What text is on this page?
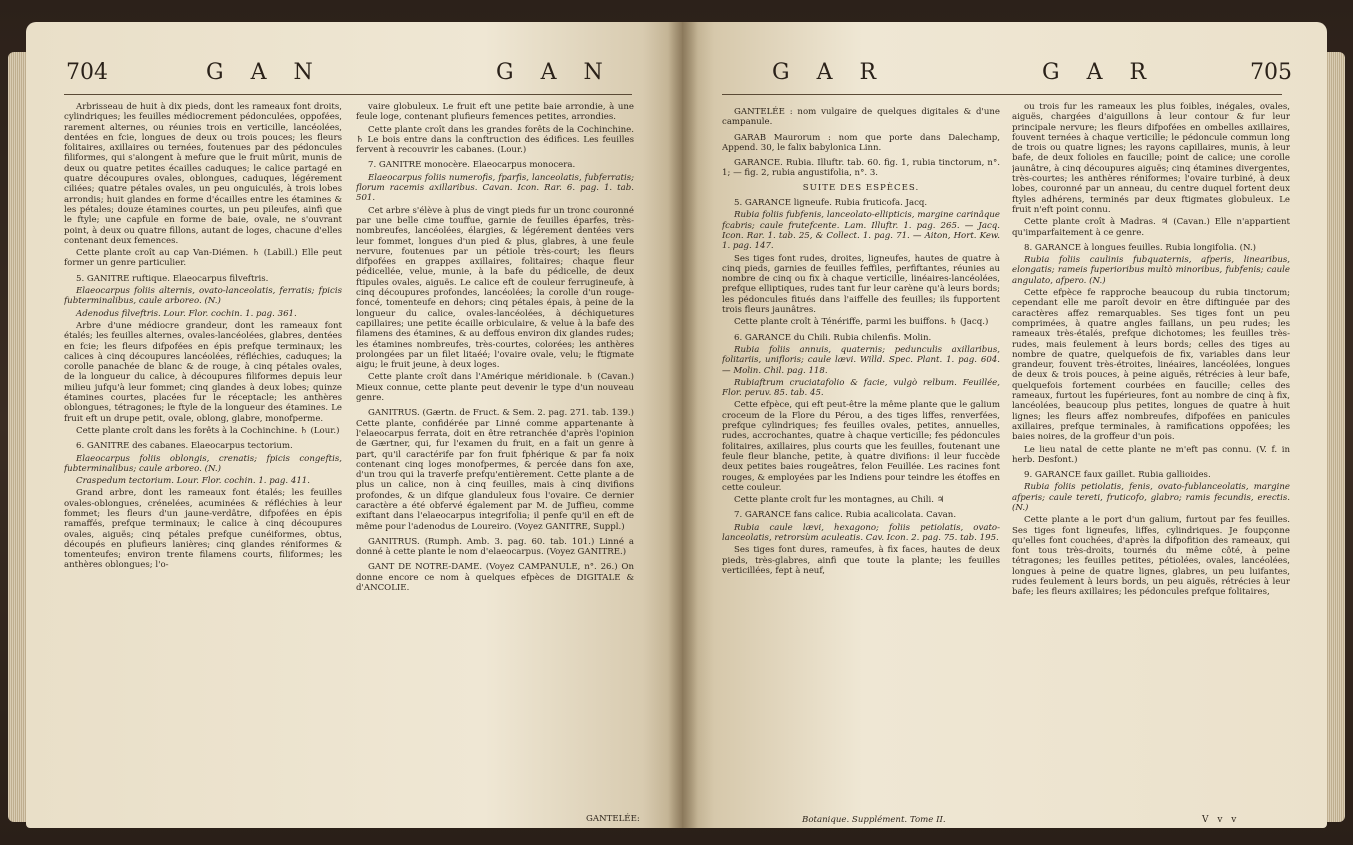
704	G A N	G A N

Arbrisseau de huit à dix pieds, dont les rameaux font droits, cylindriques; les feuilles médiocrement pédonculées, oppofées, rarement alternes, ou réunies trois en verticille, lancéolées, dentées en fcie, longues de deux ou trois pouces; les fleurs folitaires, axillaires ou ternées, foutenues par des pédoncules filiformes, qui s'alongent à mefure que le fruit mûrit, munis de deux ou quatre petites écailles caduques; le calice partagé en quatre découpures ovales, oblongues, caduques, légérement ciliées; quatre pétales ovales, un peu onguiculés, à trois lobes arrondis; huit glandes en forme d'écailles entre les étamines & les pétales; douze étamines courtes, un peu pileufes, ainfi que le ftyle; une capfule en forme de baie, ovale, ne s'ouvrant point, à deux ou quatre fillons, autant de loges, chacune d'elles contenant deux femences.

Cette plante croît au cap Van-Diémen. ♄ (Labill.) Elle peut former un genre particulier.

5. GANITRE ruftique. Elaeocarpus filveftris.

Elaeocarpus foliis alternis, ovato-lanceolatis, ferratis; fpicis fubterminalibus, caule arboreo. (N.)

Adenodus filveftris. Lour. Flor. cochin. 1. pag. 361.

Arbre d'une médiocre grandeur, dont les rameaux font étalés; les feuilles alternes, ovales-lancéolées, glabres, dentées en fcie; les fleurs difpofées en épis prefque terminaux; les calices à cinq découpures lancéolées, réfléchies, caduques; la corolle panachée de blanc & de rouge, à cinq pétales ovales, de la longueur du calice, à découpures filiformes depuis leur milieu jufqu'à leur fommet; cinq glandes à deux lobes; quinze étamines courtes, placées fur le réceptacle; les anthères oblongues, tétragones; le ftyle de la longueur des étamines. Le fruit eft un drupe petit, ovale, oblong, glabre, monofperme.

Cette plante croît dans les forêts à la Cochinchine. ♄ (Lour.)

6. GANITRE des cabanes. Elaeocarpus tectorium.

Elaeocarpus foliis oblongis, crenatis; fpicis congeftis, fubterminalibus; caule arboreo. (N.)

Craspedum tectorium. Lour. Flor. cochin. 1. pag. 411.

Grand arbre, dont les rameaux font étalés; les feuilles ovales-oblongues, crénelées, acuminées & réfléchies à leur fommet; les fleurs d'un jaune-verdâtre, difpofées en épis ramaffés, prefque terminaux; le calice à cinq découpures ovales, aiguës; cinq pétales prefque cunéiformes, obtus, découpés en plufieurs lanières; cinq glandes réniformes & tomenteufes; environ trente filamens courts, filiformes; les anthères oblongues; l'o-

vaire globuleux. Le fruit eft une petite baie arrondie, à une feule loge, contenant plufieurs femences petites, arrondies.

Cette plante croît dans les grandes forêts de la Cochinchine. ♄ Le bois entre dans la conftruction des édifices. Les feuilles fervent à recouvrir les cabanes. (Lour.)

7. GANITRE monocère. Elaeocarpus monocera.

Elaeocarpus foliis numerofis, fparfis, lanceolatis, fubferratis; florum racemis axillaribus. Cavan. Icon. Rar. 6. pag. 1. tab. 501.

Cet arbre s'élève à plus de vingt pieds fur un tronc couronné par une belle cime touffue, garnie de feuilles éparfes, très-nombreufes, lancéolées, élargies, & légérement dentées vers leur fommet, longues d'un pied & plus, glabres, à une feule nervure, foutenues par un pétiole très-court; les fleurs difpofées en grappes axillaires, folitaires; chaque fleur pédicellée, velue, munie, à la bafe du pédicelle, de deux ftipules ovales, aiguës. Le calice eft de couleur ferrugineufe, à cinq découpures profondes, lancéolées; la corolle d'un rouge-foncé, tomenteufe en dehors; cinq pétales épais, à peine de la longueur du calice, ovales-lancéolées, à déchiquetures capillaires; une petite écaille orbiculaire, & velue à la bafe des filamens des étamines, & au deffous environ dix glandes rudes; les étamines nombreufes, très-courtes, colorées; les anthères prolongées par un filet litaéé; l'ovaire ovale, velu; le ftigmate aigu; le fruit jeune, à deux loges.

Cette plante croît dans l'Amérique méridionale. ♄ (Cavan.) Mieux connue, cette plante peut devenir le type d'un nouveau genre.

GANITRUS. (Gærtn. de Fruct. & Sem. 2. pag. 271. tab. 139.) Cette plante, confidérée par Linné comme appartenante à l'elaeocarpus ferrata, doit en être retranchée d'après l'opinion de Gærtner, qui, fur l'examen du fruit, en a fait un genre à part, qu'il caractérife par fon fruit fphérique & par fa noix contenant cinq loges monofpermes, & percée dans fon axe, d'un trou qui la traverfe prefqu'entièrement. Cette plante a de plus un calice, non à cinq feuilles, mais à cinq divifions profondes, & un difque glanduleux fous l'ovaire. Ce dernier caractère a été obfervé également par M. de Juffieu, comme exiftant dans l'elaeocarpus integrifolia; il penfe qu'il en eft de même pour l'adenodus de Loureiro. (Voyez GANITRE, Suppl.)

GANITRUS. (Rumph. Amb. 3. pag. 60. tab. 101.) Linné a donné à cette plante le nom d'elaeocarpus. (Voyez GANITRE.)

GANT DE NOTRE-DAME. (Voyez CAMPANULE, n°. 26.) On donne encore ce nom à quelques efpèces de DIGITALE & d'ANCOLIE.

GANTELÉE:
G A R	G A R	705

GANTELÉE : nom vulgaire de quelques digitales & d'une campanule.

GARAB Maurorum : nom que porte dans Dalechamp, Append. 30, le falix babylonica Linn.

GARANCE. Rubia. Illuftr. tab. 60. fig. 1, rubia tinctorum, n°. 1; — fig. 2, rubia angustifolia, n°. 3.

SUITE DES ESPÈCES.

5. GARANCE ligneufe. Rubia fruticofa. Jacq.

Rubia foliis fubfenis, lanceolato-ellipticis, margine carinâque fcabris; caule frutefcente. Lam. Illuftr. 1. pag. 265. — Jacq. Icon. Rar. 1. tab. 25, & Collect. 1. pag. 71. — Aiton, Hort. Kew. 1. pag. 147.

Ses tiges font rudes, droites, ligneufes, hautes de quatre à cinq pieds, garnies de feuilles feffiles, perfiftantes, réunies au nombre de cinq ou fix à chaque verticille, linéaires-lancéolées, prefque elliptiques, rudes tant fur leur carène qu'à leurs bords; les pédoncules fitués dans l'aiffelle des feuilles; ils fupportent trois fleurs jaunâtres.

Cette plante croît à Ténériffe, parmi les buiffons. ♄ (Jacq.)

6. GARANCE du Chili. Rubia chilenfis. Molin.

Rubia foliis annuis, quaternis; pedunculis axillaribus, folitariis, unifloris; caule lævi. Willd. Spec. Plant. 1. pag. 604. — Molin. Chil. pag. 118.

Rubiaftrum cruciatafolio & facie, vulgò relbum. Feuillée, Flor. peruv. 85. tab. 45.

Cette efpèce, qui eft peut-être la même plante que le galium croceum de la Flore du Pérou, a des tiges liffes, renverfées, prefque cylindriques; fes feuilles ovales, petites, annuelles, rudes, accrochantes, quatre à chaque verticille; fes pédoncules folitaires, axillaires, plus courts que les feuilles, foutenant une feule fleur blanche, petite, à quatre divifions: il leur fuccède deux petites baies rougeâtres, felon Feuillée. Les racines font rouges, & employées par les Indiens pour teindre les étoffes en cette couleur.

Cette plante croît fur les montagnes, au Chili. ♃

7. GARANCE fans calice. Rubia acalicolata. Cavan.

Rubia caule lævi, hexagono; foliis petiolatis, ovato-lanceolatis, retrorsùm aculeatis. Cav. Icon. 2. pag. 75. tab. 195.

Ses tiges font dures, rameufes, à fix faces, hautes de deux pieds, très-glabres, ainfi que toute la plante; les feuilles verticillées, fept à neuf,

ou trois fur les rameaux les plus foibles, inégales, ovales, aiguës, chargées d'aiguillons à leur contour & fur leur principale nervure; les fleurs difpofées en ombelles axillaires, fouvent ternées à chaque verticille; le pédoncule commun long de trois ou quatre lignes; les rayons capillaires, munis, à leur bafe, de deux folioles en faucille; point de calice; une corolle jaunâtre, à cinq découpures aiguës; cinq étamines divergentes, très-courtes; les anthères réniformes; l'ovaire turbiné, à deux lobes, couronné par un anneau, du centre duquel fortent deux ftyles adhérens, terminés par deux ftigmates globuleux. Le fruit n'eft point connu.

Cette plante croît à Madras. ♃ (Cavan.) Elle n'appartient qu'imparfaitement à ce genre.

8. GARANCE à longues feuilles. Rubia longifolia. (N.)

Rubia foliis caulinis fubquaternis, afperis, linearibus, elongatis; rameis fuperioribus multò minoribus, fubfenis; caule angulato, afpero. (N.)

Cette efpèce fe rapproche beaucoup du rubia tinctorum; cependant elle me paroît devoir en être diftinguée par des caractères affez remarquables. Ses tiges font un peu comprimées, à quatre angles faillans, un peu rudes; les rameaux très-étalés, prefque dichotomes; les feuilles très-rudes, mais feulement à leurs bords; celles des tiges au nombre de quatre, quelquefois de fix, variables dans leur grandeur, fouvent très-étroites, linéaires, lancéolées, longues de deux & trois pouces, à peine aiguës, rétrécies à leur bafe, quelquefois fortement courbées en faucille; celles des rameaux, furtout les fupérieures, font au nombre de cinq à fix, lancéolées, beaucoup plus petites, longues de quatre à huit lignes; les fleurs affez nombreufes, difpofées en panicules axillaires, prefque terminales, à ramifications oppofées; les baies noires, de la groffeur d'un pois.

Le lieu natal de cette plante ne m'eft pas connu. (V. f. in herb. Desfont.)

9. GARANCE faux gaillet. Rubia gallioides.

Rubia foliis petiolatis, fenis, ovato-fublanceolatis, margine afperis; caule tereti, fruticofo, glabro; ramis fecundis, erectis. (N.)

Cette plante a le port d'un galium, furtout par fes feuilles. Ses tiges font ligneufes, liffes, cylindriques. Je foupçonne qu'elles font couchées, d'après la difpofition des rameaux, qui font tous très-droits, tournés du même côté, à peine tétragones; les feuilles petites, pétiolées, ovales, lancéolées, longues à peine de quatre lignes, glabres, un peu luifantes, rudes feulement à leurs bords, un peu aiguës, rétrécies à leur bafe; les fleurs axillaires; les pédoncules prefque folitaires,

Botanique. Supplément. Tome II.	V v v
